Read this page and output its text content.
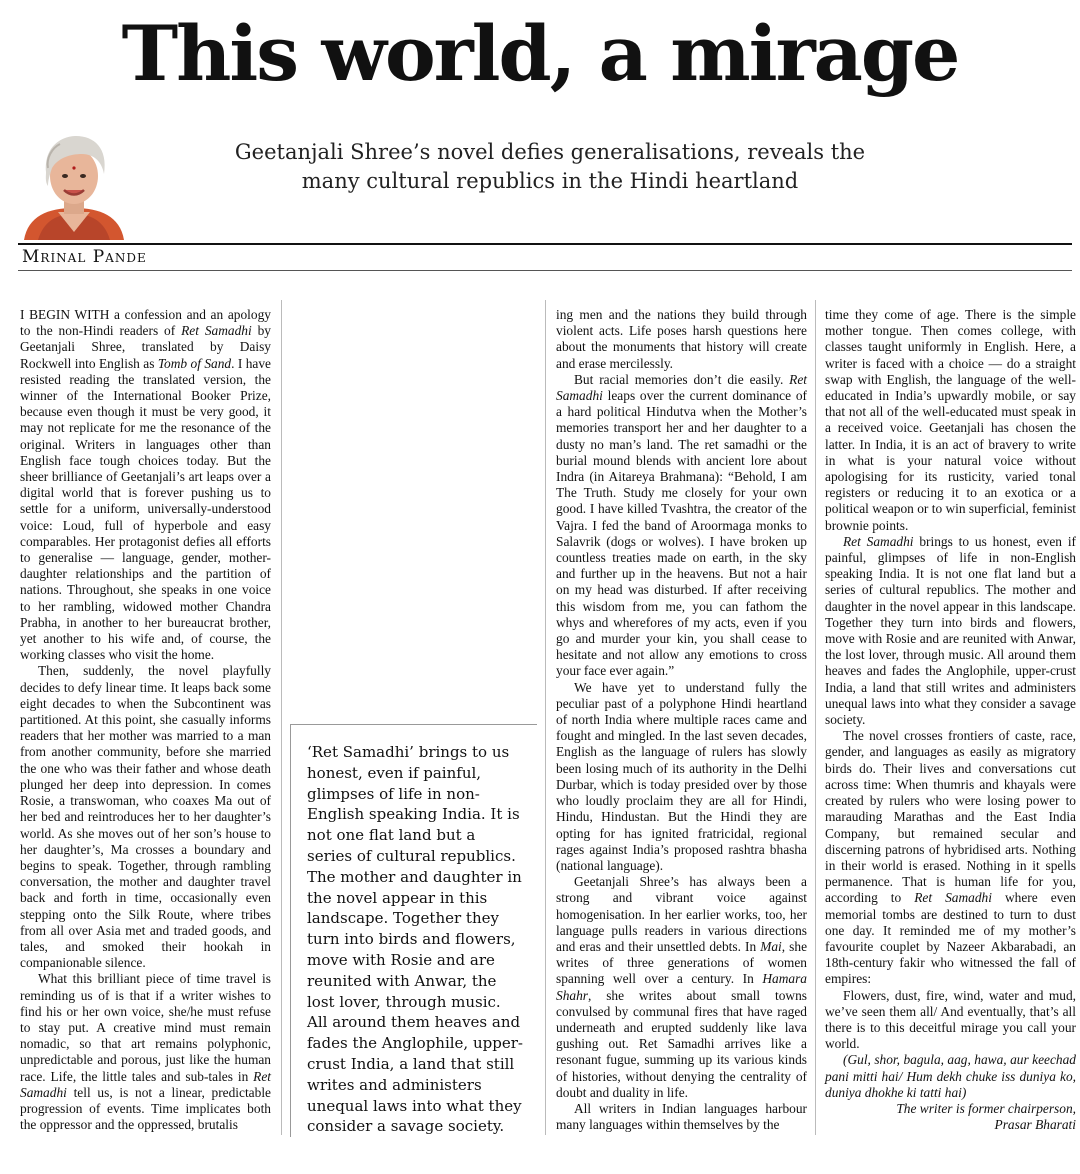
This world, a mirage

Geetanjali Shree’s novel defies generalisations, reveals the many cultural republics in the Hindi heartland

Mrinal Pande

I BEGIN WITH a confession and an apology to the non-Hindi readers of Ret Samadhi by Geetanjali Shree, translated by Daisy Rockwell into English as Tomb of Sand. I have resisted reading the translated version, the winner of the International Booker Prize, because even though it must be very good, it may not replicate for me the resonance of the original. Writers in languages other than English face tough choices today. But the sheer brilliance of Geetanjali’s art leaps over a digital world that is forever pushing us to settle for a uniform, universally-understood voice: Loud, full of hyperbole and easy comparables. Her protagonist defies all efforts to generalise — language, gender, mother-daughter relationships and the partition of nations. Throughout, she speaks in one voice to her rambling, widowed mother Chandra Prabha, in another to her bureaucrat brother, yet another to his wife and, of course, the working classes who visit the home.

Then, suddenly, the novel playfully decides to defy linear time. It leaps back some eight decades to when the Subcontinent was partitioned. At this point, she casually informs readers that her mother was married to a man from another community, before she married the one who was their father and whose death plunged her deep into depression. In comes Rosie, a transwoman, who coaxes Ma out of her bed and reintroduces her to her daughter’s world. As she moves out of her son’s house to her daughter’s, Ma crosses a boundary and begins to speak. Together, through rambling conversation, the mother and daughter travel back and forth in time, occasionally even stepping onto the Silk Route, where tribes from all over Asia met and traded goods, and tales, and smoked their hookah in companionable silence.

What this brilliant piece of time travel is reminding us of is that if a writer wishes to find his or her own voice, she/he must refuse to stay put. A creative mind must remain nomadic, so that art remains polyphonic, unpredictable and porous, just like the human race. Life, the little tales and sub-tales in Ret Samadhi tell us, is not a linear, predictable progression of events. Time implicates both the oppressor and the oppressed, brutalis

‘Ret Samadhi’ brings to us honest, even if painful, glimpses of life in non-English speaking India. It is not one flat land but a series of cultural republics. The mother and daughter in the novel appear in this landscape. Together they turn into birds and flowers, move with Rosie and are reunited with Anwar, the lost lover, through music. All around them heaves and fades the Anglophile, upper-crust India, a land that still writes and administers unequal laws into what they consider a savage society.

ing men and the nations they build through violent acts. Life poses harsh questions here about the monuments that history will create and erase mercilessly.

But racial memories don’t die easily. Ret Samadhi leaps over the current dominance of a hard political Hindutva when the Mother’s memories transport her and her daughter to a dusty no man’s land. The ret samadhi or the burial mound blends with ancient lore about Indra (in Aitareya Brahmana): “Behold, I am The Truth. Study me closely for your own good. I have killed Tvashtra, the creator of the Vajra. I fed the band of Aroormaga monks to Salavrik (dogs or wolves). I have broken up countless treaties made on earth, in the sky and further up in the heavens. But not a hair on my head was disturbed. If after receiving this wisdom from me, you can fathom the whys and wherefores of my acts, even if you go and murder your kin, you shall cease to hesitate and not allow any emotions to cross your face ever again.”

We have yet to understand fully the peculiar past of a polyphone Hindi heartland of north India where multiple races came and fought and mingled. In the last seven decades, English as the language of rulers has slowly been losing much of its authority in the Delhi Durbar, which is today presided over by those who loudly proclaim they are all for Hindi, Hindu, Hindustan. But the Hindi they are opting for has ignited fratricidal, regional rages against India’s proposed rashtra bhasha (national language).

Geetanjali Shree’s has always been a strong and vibrant voice against homogenisation. In her earlier works, too, her language pulls readers in various directions and eras and their unsettled debts. In Mai, she writes of three generations of women spanning well over a century. In Hamara Shahr, she writes about small towns convulsed by communal fires that have raged underneath and erupted suddenly like lava gushing out. Ret Samadhi arrives like a resonant fugue, summing up its various kinds of histories, without denying the centrality of doubt and duality in life.

All writers in Indian languages harbour many languages within themselves by the

time they come of age. There is the simple mother tongue. Then comes college, with classes taught uniformly in English. Here, a writer is faced with a choice — do a straight swap with English, the language of the well-educated in India’s upwardly mobile, or say that not all of the well-educated must speak in a received voice. Geetanjali has chosen the latter. In India, it is an act of bravery to write in what is your natural voice without apologising for its rusticity, varied tonal registers or reducing it to an exotica or a political weapon or to win superficial, feminist brownie points.

Ret Samadhi brings to us honest, even if painful, glimpses of life in non-English speaking India. It is not one flat land but a series of cultural republics. The mother and daughter in the novel appear in this landscape. Together they turn into birds and flowers, move with Rosie and are reunited with Anwar, the lost lover, through music. All around them heaves and fades the Anglophile, upper-crust India, a land that still writes and administers unequal laws into what they consider a savage society.

The novel crosses frontiers of caste, race, gender, and languages as easily as migratory birds do. Their lives and conversations cut across time: When thumris and khayals were created by rulers who were losing power to marauding Marathas and the East India Company, but remained secular and discerning patrons of hybridised arts. Nothing in their world is erased. Nothing in it spells permanence. That is human life for you, according to Ret Samadhi where even memorial tombs are destined to turn to dust one day. It reminded me of my mother’s favourite couplet by Nazeer Akbarabadi, an 18th-century fakir who witnessed the fall of empires:

Flowers, dust, fire, wind, water and mud, we’ve seen them all/ And eventually, that’s all there is to this deceitful mirage you call your world.

(Gul, shor, bagula, aag, hawa, aur keechad pani mitti hai/ Hum dekh chuke iss duniya ko, duniya dhokhe ki tatti hai)

The writer is former chairperson,
Prasar Bharati
